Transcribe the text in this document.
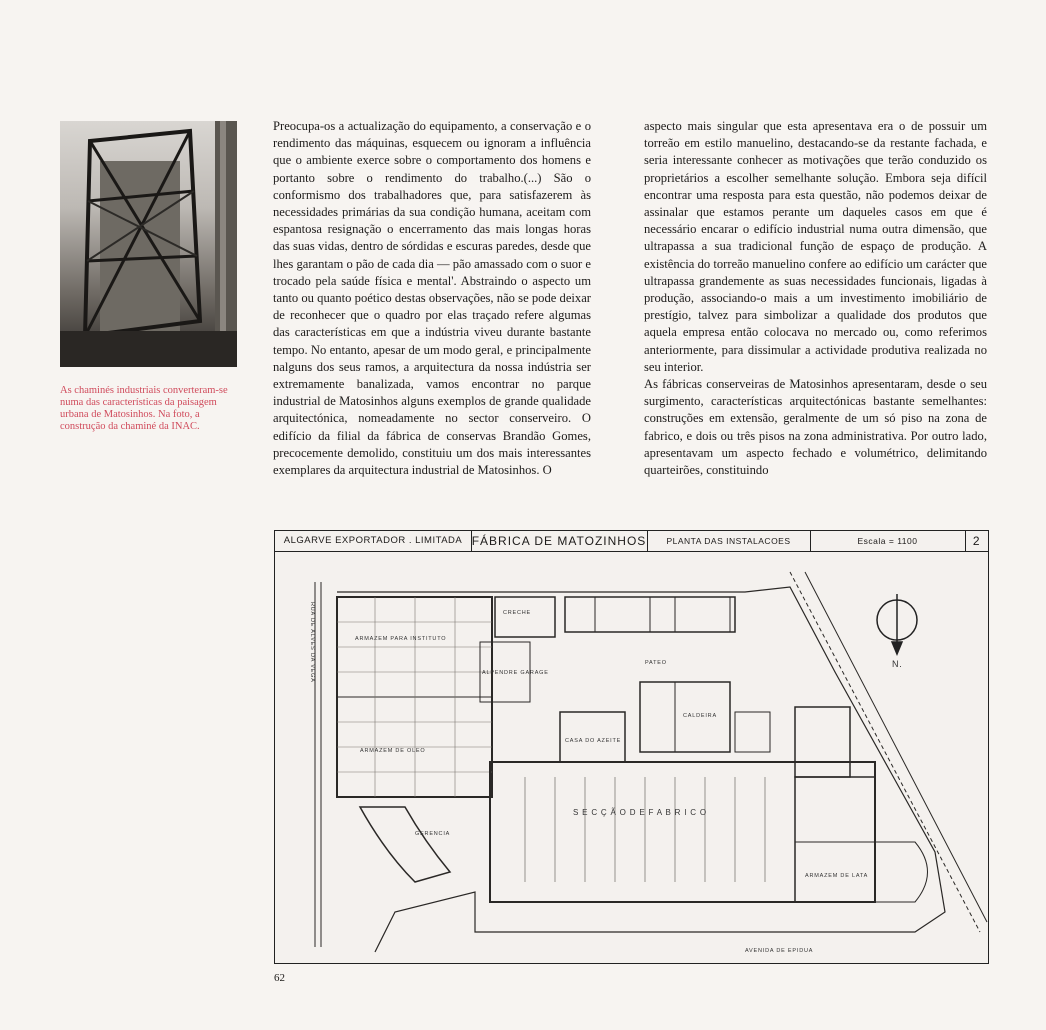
As chaminés industriais converteram-se numa das características da paisagem urbana de Matosinhos. Na foto, a construção da chaminé da INAC.

Preocupa-os a actualização do equipamento, a conservação e o rendimento das máquinas, esquecem ou ignoram a influência que o ambiente exerce sobre o comportamento dos homens e portanto sobre o rendimento do trabalho.(...) São o conformismo dos trabalhadores que, para satisfazerem às necessidades primárias da sua condição humana, aceitam com espantosa resignação o encerramento das mais longas horas das suas vidas, dentro de sórdidas e escuras paredes, desde que lhes garantam o pão de cada dia — pão amassado com o suor e trocado pela saúde física e mental'. Abstraindo o aspecto um tanto ou quanto poético destas observações, não se pode deixar de reconhecer que o quadro por elas traçado refere algumas das características em que a indústria viveu durante bastante tempo. No entanto, apesar de um modo geral, e principalmente nalguns dos seus ramos, a arquitectura da nossa indústria ser extremamente banalizada, vamos encontrar no parque industrial de Matosinhos alguns exemplos de grande qualidade arquitectónica, nomeadamente no sector conserveiro. O edifício da filial da fábrica de conservas Brandão Gomes, precocemente demolido, constituiu um dos mais interessantes exemplares da arquitectura industrial de Matosinhos. O

aspecto mais singular que esta apresentava era o de possuir um torreão em estilo manuelino, destacando-se da restante fachada, e seria interessante conhecer as motivações que terão conduzido os proprietários a escolher semelhante solução. Embora seja difícil encontrar uma resposta para esta questão, não podemos deixar de assinalar que estamos perante um daqueles casos em que é necessário encarar o edifício industrial numa outra dimensão, que ultrapassa a sua tradicional função de espaço de produção. A existência do torreão manuelino confere ao edifício um carácter que ultrapassa grandemente as suas necessidades funcionais, ligadas à produção, associando-o mais a um investimento imobiliário de prestígio, talvez para simbolizar a qualidade dos produtos que aquela empresa então colocava no mercado ou, como referimos anteriormente, para dissimular a actividade produtiva realizada no seu interior.

As fábricas conserveiras de Matosinhos apresentaram, desde o seu surgimento, características arquitectónicas bastante semelhantes: construções em extensão, geralmente de um só piso na zona de fabrico, e dois ou três pisos na zona administrativa. Por outro lado, apresentavam um aspecto fechado e volumétrico, delimitando quarteirões, constituindo

ALGARVE EXPORTADOR . LIMITADA FÁBRICA DE MATOZINHOS	PLANTA DAS INSTALACOES	Escala = 1100	2
N.
RUA DE ALVES DA VEGA	ARMAZEM PARA INSTITUTO
ARMAZEM DE OLEO
CRECHE
PATEO
ALPENDRE GARAGE
CASA DO AZEITE
CALDEIRA
S E C Ç Ã O D E F A B R I C O
GERENCIA
ARMAZEM DE LATA
AVENIDA DE EPIDUA
62
